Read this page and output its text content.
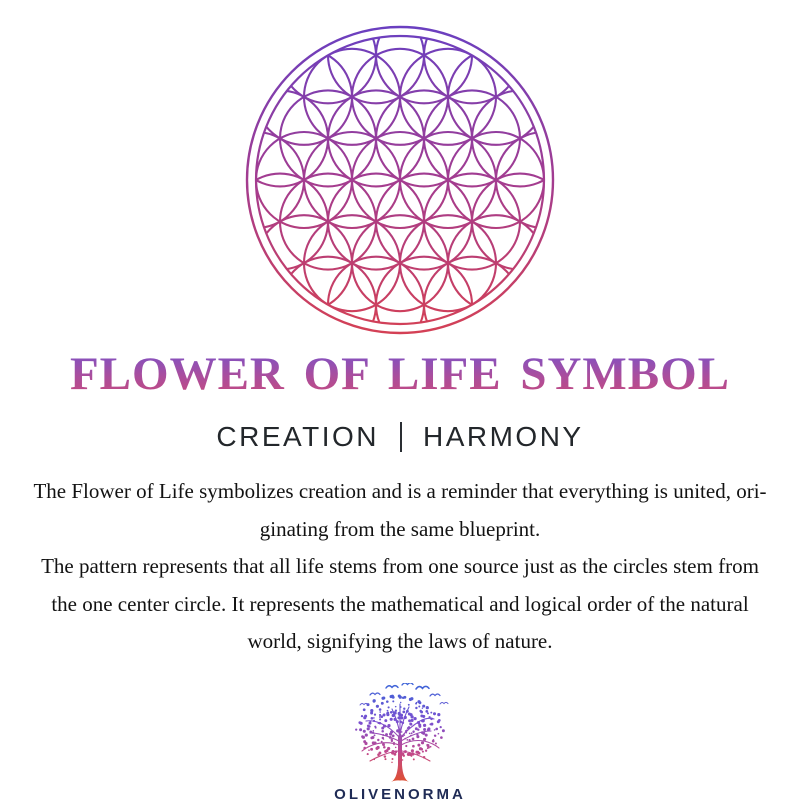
FLOWER OF LIFE SYMBOL
CREATION HARMONY
The Flower of Life symbolizes creation and is a reminder that everything is united, ori-
ginating from the same blueprint.
The pattern represents that all life stems from one source just as the circles stem from
the one center circle. It represents the mathematical and logical order of the natural
world, signifying the laws of nature.
OLIVENORMA
